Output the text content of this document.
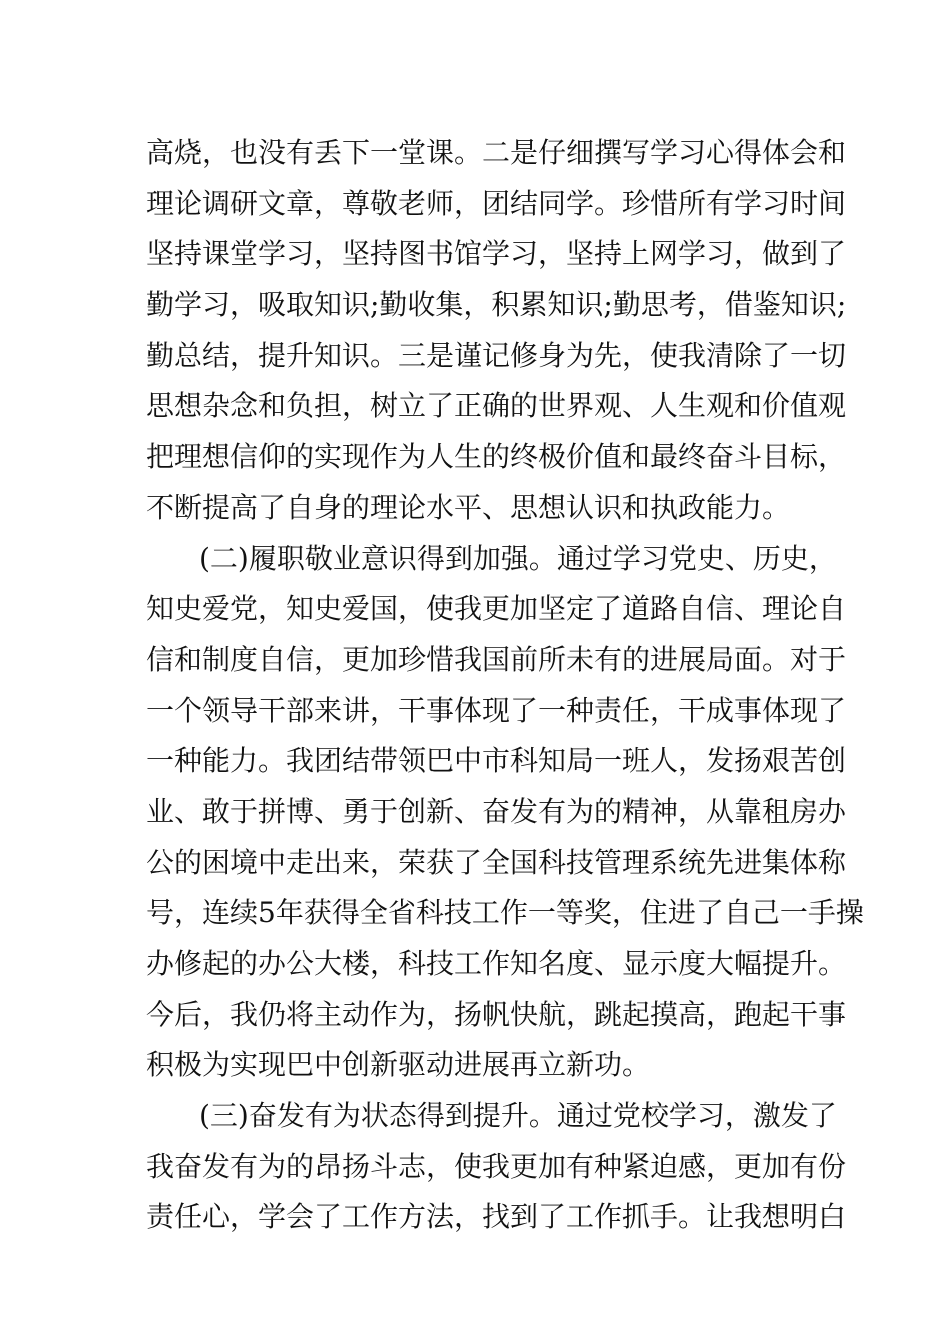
高烧，也没有丢下一堂课。二是仔细撰写学习心得体会和
理论调研文章，尊敬老师，团结同学。珍惜所有学习时间
坚持课堂学习，坚持图书馆学习，坚持上网学习，做到了
勤学习，吸取知识;勤收集，积累知识;勤思考，借鉴知识;
勤总结，提升知识。三是谨记修身为先，使我清除了一切
思想杂念和负担，树立了正确的世界观、人生观和价值观
把理想信仰的实现作为人生的终极价值和最终奋斗目标，
不断提高了自身的理论水平、思想认识和执政能力。
(二)履职敬业意识得到加强。通过学习党史、历史，
知史爱党，知史爱国，使我更加坚定了道路自信、理论自
信和制度自信，更加珍惜我国前所未有的进展局面。对于
一个领导干部来讲，干事体现了一种责任，干成事体现了
一种能力。我团结带领巴中市科知局一班人，发扬艰苦创
业、敢于拼博、勇于创新、奋发有为的精神，从靠租房办
公的困境中走出来，荣获了全国科技管理系统先进集体称
号，连续5年获得全省科技工作一等奖，住进了自己一手操
办修起的办公大楼，科技工作知名度、显示度大幅提升。
今后，我仍将主动作为，扬帆快航，跳起摸高，跑起干事
积极为实现巴中创新驱动进展再立新功。
(三)奋发有为状态得到提升。通过党校学习，激发了
我奋发有为的昂扬斗志，使我更加有种紧迫感，更加有份
责任心，学会了工作方法，找到了工作抓手。让我想明白
